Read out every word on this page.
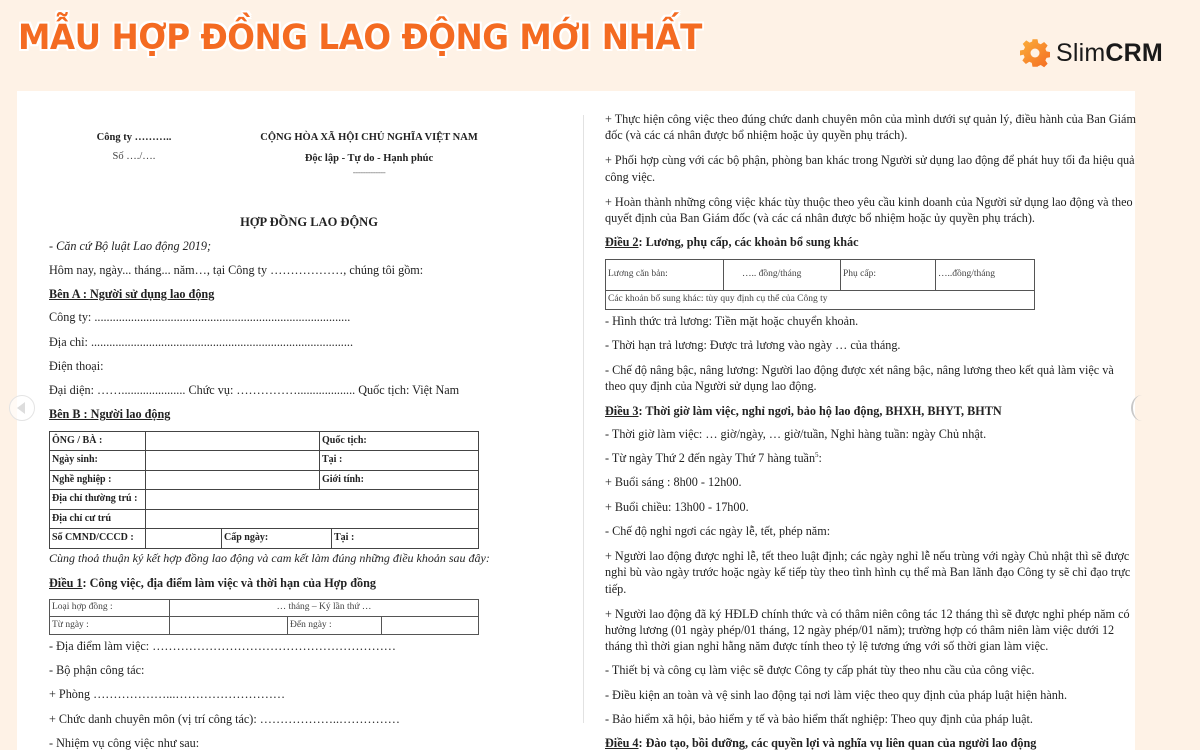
MẪU HỢP ĐỒNG LAO ĐỘNG MỚI NHẤT	SlimCRM
Công ty ………..
Số …./….
CỘNG HÒA XÃ HỘI CHỦ NGHĨA VIỆT NAM
Độc lập - Tự do - Hạnh phúc
-------------
HỢP ĐỒNG LAO ĐỘNG

- Căn cứ Bộ luật Lao động 2019;

Hôm nay, ngày... tháng... năm…, tại Công ty ………………, chúng tôi gồm:

Bên A : Người sử dụng lao động

Công ty: ....................................................................................

Địa chỉ: ......................................................................................

Điện thoại:

Đại diện: ……..................... Chức vụ: ……………................... Quốc tịch: Việt Nam

Bên B : Người lao động

ÔNG / BÀ :			Quốc tịch:	
Ngày sinh:			Tại :	
Nghề nghiệp :			Giới tính:	
Địa chỉ thường trú :				
Địa chỉ cư trú				
Số CMND/CCCD :		Cấp ngày:		Tại :
Cùng thoả thuận ký kết hợp đồng lao động và cam kết làm đúng những điều khoản sau đây:

Điều 1: Công việc, địa điểm làm việc và thời hạn của Hợp đồng

Loại hợp đồng :	… tháng – Ký lần thứ …		
Từ ngày :		Đến ngày :	

- Địa điểm làm việc: ……………………………………………………

- Bộ phận công tác:

+ Phòng ………………...………………………

+ Chức danh chuyên môn (vị trí công tác): ………………..……………

- Nhiệm vụ công việc như sau:

+ Thực hiện công việc theo đúng chức danh chuyên môn của mình dưới sự quản lý, điều hành của Ban Giám đốc (và các cá nhân được bổ nhiệm hoặc ủy quyền phụ trách).

+ Phối hợp cùng với các bộ phận, phòng ban khác trong Người sử dụng lao động để phát huy tối đa hiệu quả công việc.

+ Hoàn thành những công việc khác tùy thuộc theo yêu cầu kinh doanh của Người sử dụng lao động và theo quyết định của Ban Giám đốc (và các cá nhân được bổ nhiệm hoặc ủy quyền phụ trách).

Điều 2: Lương, phụ cấp, các khoản bổ sung khác

Lương căn bản:	….. đồng/tháng	Phụ cấp:	…..đồng/tháng
Các khoản bổ sung khác: tùy quy định cụ thể của Công ty

- Hình thức trả lương: Tiền mặt hoặc chuyển khoản.

- Thời hạn trả lương: Được trả lương vào ngày … của tháng.

- Chế độ nâng bậc, nâng lương: Người lao động được xét nâng bậc, nâng lương theo kết quả làm việc và theo quy định của Người sử dụng lao động.

Điều 3: Thời giờ làm việc, nghỉ ngơi, bảo hộ lao động, BHXH, BHYT, BHTN

- Thời giờ làm việc: … giờ/ngày, … giờ/tuần, Nghỉ hàng tuần: ngày Chủ nhật.

- Từ ngày Thứ 2 đến ngày Thứ 7 hàng tuần$^5$:

+ Buổi sáng : 8h00 - 12h00.

+ Buổi chiều: 13h00 - 17h00.

- Chế độ nghỉ ngơi các ngày lễ, tết, phép năm:

+ Người lao động được nghỉ lễ, tết theo luật định; các ngày nghỉ lễ nếu trùng với ngày Chủ nhật thì sẽ được nghỉ bù vào ngày trước hoặc ngày kế tiếp tùy theo tình hình cụ thể mà Ban lãnh đạo Công ty sẽ chỉ đạo trực tiếp.

+ Người lao động đã ký HĐLĐ chính thức và có thâm niên công tác 12 tháng thì sẽ được nghỉ phép năm có hưởng lương (01 ngày phép/01 tháng, 12 ngày phép/01 năm); trường hợp có thâm niên làm việc dưới 12 tháng thì thời gian nghỉ hằng năm được tính theo tỷ lệ tương ứng với số thời gian làm việc.

- Thiết bị và công cụ làm việc sẽ được Công ty cấp phát tùy theo nhu cầu của công việc.

- Điều kiện an toàn và vệ sinh lao động tại nơi làm việc theo quy định của pháp luật hiện hành.

- Bảo hiểm xã hội, bảo hiểm y tế và bảo hiểm thất nghiệp: Theo quy định của pháp luật.

Điều 4: Đào tạo, bồi dưỡng, các quyền lợi và nghĩa vụ liên quan của người lao động
